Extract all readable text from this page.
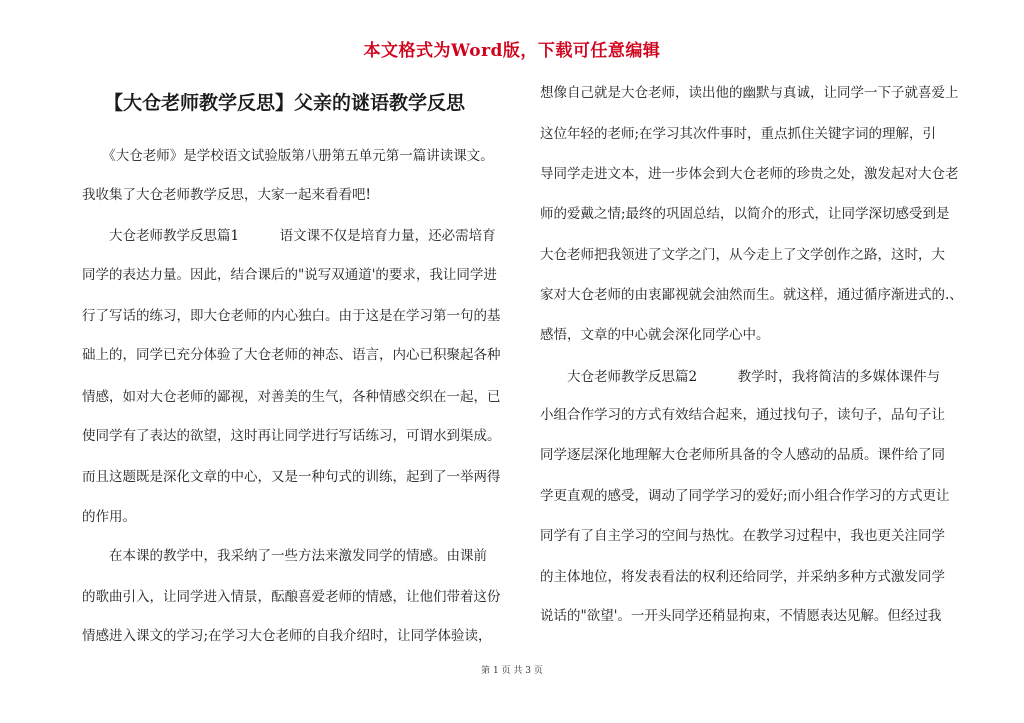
本文格式为Word版，下载可任意编辑
【大仓老师教学反思】父亲的谜语教学反思
　　《大仓老师》是学校语文试验版第八册第五单元第一篇讲读课文。
我收集了大仓老师教学反思，大家一起来看看吧!
　　大仓老师教学反思篇1　　　语文课不仅是培育力量，还必需培育
同学的表达力量。因此，结合课后的"说写双通道'的要求，我让同学进
行了写话的练习，即大仓老师的内心独白。由于这是在学习第一句的基
础上的，同学已充分体验了大仓老师的神态、语言，内心已积聚起各种
情感，如对大仓老师的鄙视，对善美的生气，各种情感交织在一起，已
使同学有了表达的欲望，这时再让同学进行写话练习，可谓水到渠成。
而且这题既是深化文章的中心，又是一种句式的训练，起到了一举两得
的作用。
　　在本课的教学中，我采纳了一些方法来激发同学的情感。由课前
的歌曲引入，让同学进入情景，酝酿喜爱老师的情感，让他们带着这份
情感进入课文的学习;在学习大仓老师的自我介绍时，让同学体验读，
想像自己就是大仓老师，读出他的幽默与真诚，让同学一下子就喜爱上
这位年轻的老师;在学习其次件事时，重点抓住关键字词的理解，引
导同学走进文本，进一步体会到大仓老师的珍贵之处，激发起对大仓老
师的爱戴之情;最终的巩固总结，以简介的形式，让同学深切感受到是
大仓老师把我领进了文学之门，从今走上了文学创作之路，这时，大
家对大仓老师的由衷鄙视就会油然而生。就这样，通过循序渐进式的.、
感悟，文章的中心就会深化同学心中。
　　大仓老师教学反思篇2　　　教学时，我将简洁的多媒体课件与
小组合作学习的方式有效结合起来，通过找句子，读句子，品句子让
同学逐层深化地理解大仓老师所具备的令人感动的品质。课件给了同
学更直观的感受，调动了同学学习的爱好;而小组合作学习的方式更让
同学有了自主学习的空间与热忱。在教学习过程中，我也更关注同学
的主体地位，将发表看法的权利还给同学，并采纳多种方式激发同学
说话的"欲望'。一开头同学还稍显拘束，不情愿表达见解。但经过我
第 1 页 共 3 页
